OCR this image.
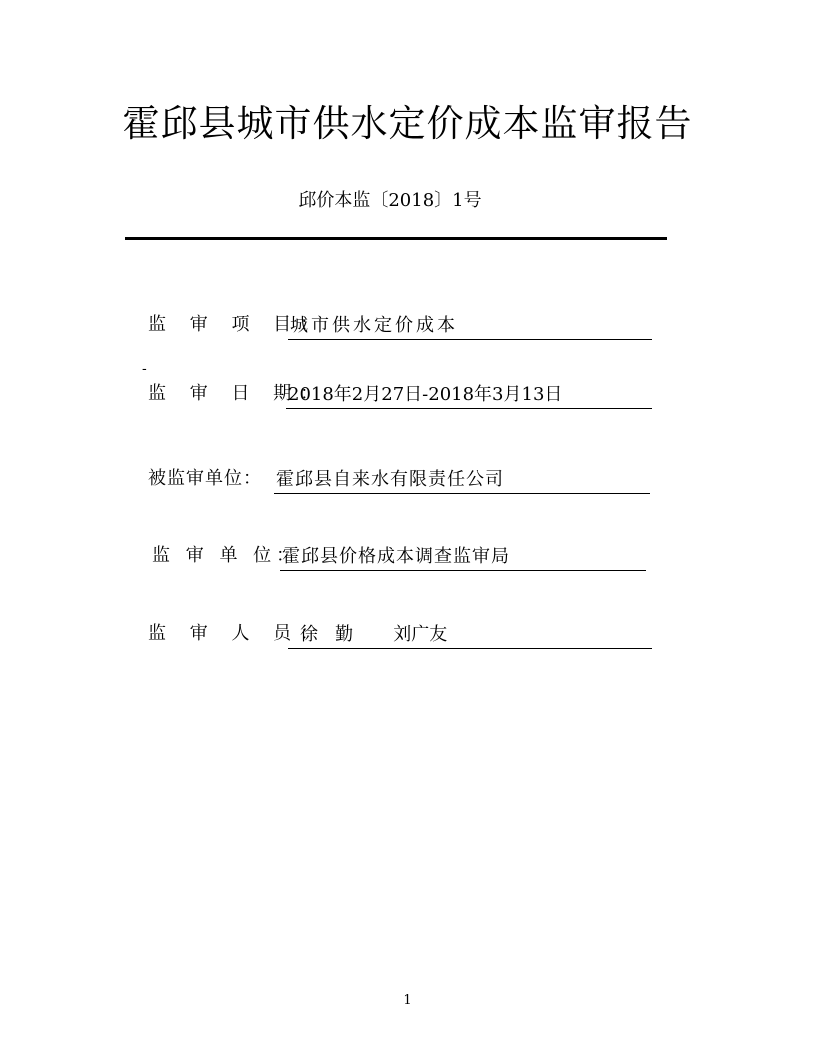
霍邱县城市供水定价成本监审报告
邱价本监〔2018〕1号
监 审 项 目：
城市供水定价成本
-
监 审 日 期：
2018年2月27日-2018年3月13日
被监审单位： 霍邱县自来水有限责任公司
监 审 单 位：
霍邱县价格成本调查监审局
监 审 人 员：
徐   勤       刘广友
1
